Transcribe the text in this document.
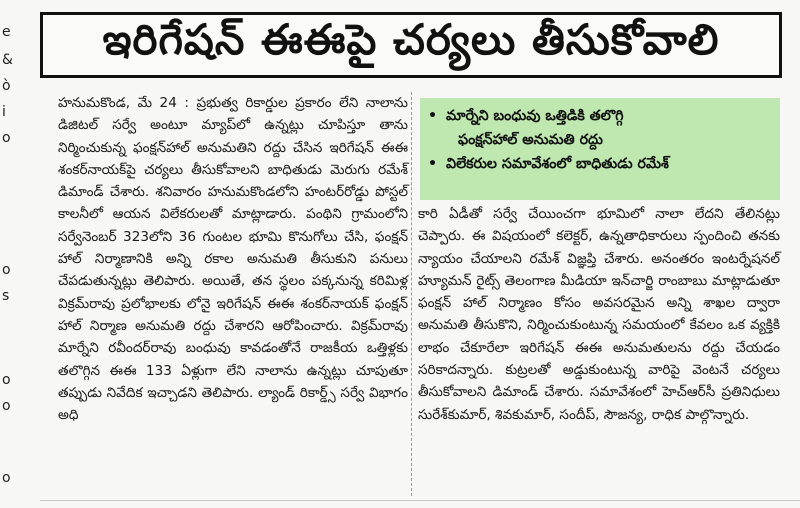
e
&
ò
i
o
o
s
o
o
o
ఇరిగేషన్ ఈఈపై చర్యలు తీసుకోవాలి

హనుమకొండ, మే 24 : ప్రభుత్వ రికార్డుల ప్రకారం లేని నాలాను డిజిటల్ సర్వే అంటూ మ్యాప్‌లో ఉన్నట్లు చూపిస్తూ తాను నిర్మించుకున్న ఫంక్షన్‌హాల్ అనుమతిని రద్దు చేసిన ఇరిగేషన్ ఈఈ శంకర్‌నాయక్‌పై చర్యలు తీసుకోవాలని బాధితుడు మెరుగు రమేశ్ డిమాండ్ చేశారు. శనివారం హనుమకొండలోని హంటర్‌రోడ్డు పోస్టల్ కాలనీలో ఆయన విలేకరులతో మాట్లాడారు. పంథిని గ్రామంలోని సర్వేనెంబర్ 323లోని 36 గుంటల భూమి కొనుగోలు చేసి, ఫంక్షన్ హాల్ నిర్మాణానికి అన్ని రకాల అనుమతి తీసుకుని పనులు చేపడుతున్నట్లు తెలిపారు. అయితే, తన స్థలం పక్కనున్న కరిమిళ్ల విక్రమ్‌రావు ప్రలోభాలకు లోనై ఇరిగేషన్ ఈఈ శంకర్‌నాయక్ ఫంక్షన్ హాల్ నిర్మాణ అనుమతి రద్దు చేశారని ఆరోపించారు. విక్రమ్‌రావు మార్నేని రవీందర్‌రావు బంధువు కావడంతోనే రాజకీయ ఒత్తిళ్లకు తలొగ్గిన ఈఈ 133 ఏళ్లుగా లేని నాలాను ఉన్నట్లు చూపుతూ తప్పుడు నివేదిక ఇచ్చాడని తెలిపారు. ల్యాండ్ రికార్డ్స్ సర్వే విభాగం అధి

• మార్నేని బంధువు ఒత్తిడికి తలొగ్గి
ఫంక్షన్‌హాల్ అనుమతి రద్దు
• విలేకరుల సమావేశంలో బాధితుడు రమేశ్

కారి ఏడీతో సర్వే చేయించగా భూమిలో నాలా లేదని తేలినట్లు చెప్పారు. ఈ విషయంలో కలెక్టర్, ఉన్నతాధికారులు స్పందించి తనకు న్యాయం చేయాలని రమేశ్ విజ్ఞప్తి చేశారు. అనంతరం ఇంటర్నేషనల్ హ్యూమన్ రైట్స్ తెలంగాణ మీడియా ఇన్‌చార్జి రాంబాబు మాట్లాడుతూ ఫంక్షన్ హాల్ నిర్మాణం కోసం అవసరమైన అన్ని శాఖల ద్వారా అనుమతి తీసుకొని, నిర్మించుకుంటున్న సమయంలో కేవలం ఒక వ్యక్తికి లాభం చేకూరేలా ఇరిగేషన్ ఈఈ అనుమతులను రద్దు చేయడం సరికాదన్నారు. కుట్రలతో అడ్డుకుంటున్న వారిపై వెంటనే చర్యలు తీసుకోవాలని డిమాండ్ చేశారు. సమావేశంలో హెచ్‌ఆర్‌సీ ప్రతినిధులు సురేశ్‌కుమార్, శివకుమార్, సందీప్, సౌజన్య, రాధిక పాల్గొన్నారు.
